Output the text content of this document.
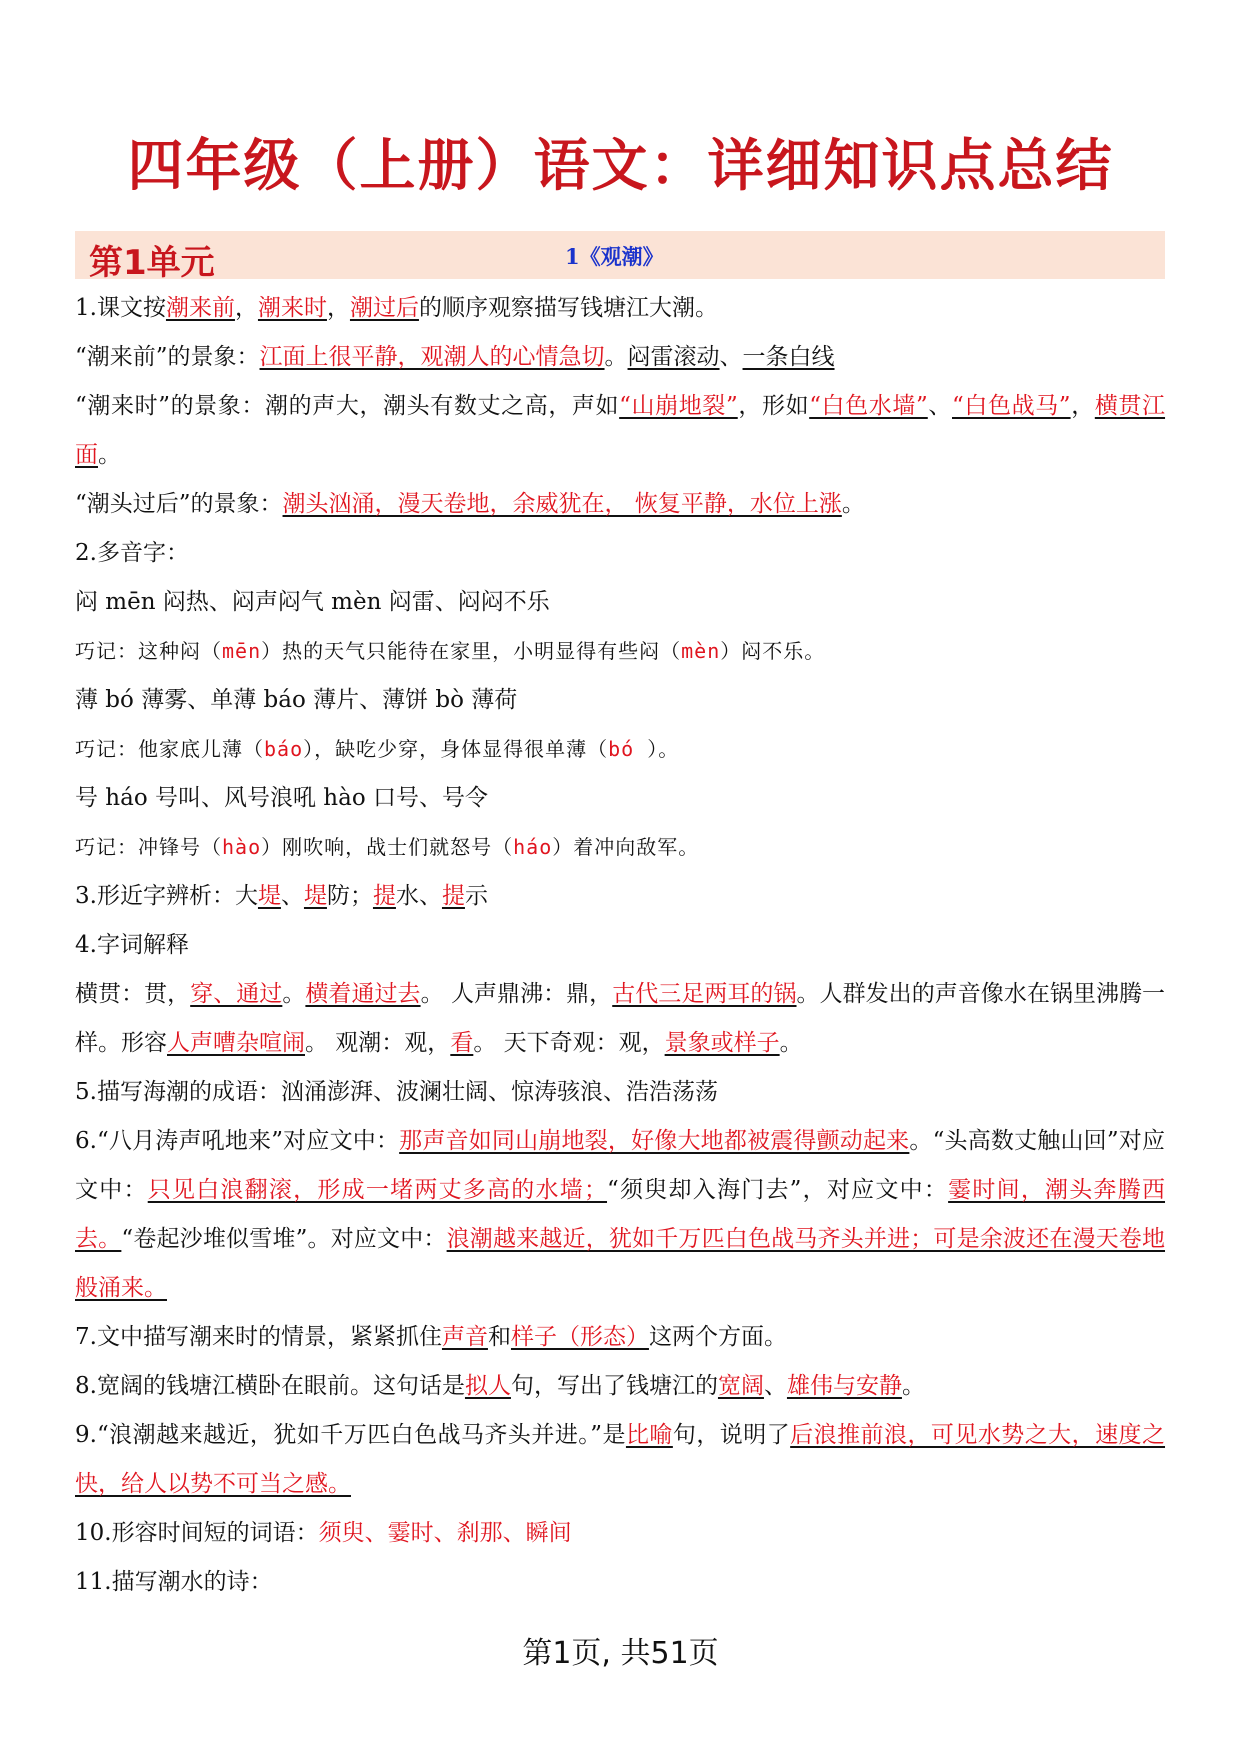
四年级（上册）语文：详细知识点总结
第1单元	1《观潮》

1.课文按潮来前，潮来时，潮过后的顺序观察描写钱塘江大潮。

“潮来前”的景象：江面上很平静，观潮人的心情急切。闷雷滚动、一条白线

“潮来时”的景象：潮的声大，潮头有数丈之高，声如“山崩地裂”，形如“白色水墙”、“白色战马”，横贯江面。

“潮头过后”的景象：潮头汹涌，漫天卷地，余威犹在， 恢复平静，水位上涨。

2.多音字：

闷 mēn 闷热、闷声闷气 mèn 闷雷、闷闷不乐

巧记：这种闷（mēn）热的天气只能待在家里，小明显得有些闷（mèn）闷不乐。

薄 bó 薄雾、单薄 báo 薄片、薄饼 bò 薄荷

巧记：他家底儿薄（báo），缺吃少穿，身体显得很单薄（bó ）。

号 háo 号叫、风号浪吼 hào 口号、号令

巧记：冲锋号（hào）刚吹响，战士们就怒号（háo）着冲向敌军。

3.形近字辨析：大堤、堤防；提水、提示

4.字词解释

横贯：贯，穿、通过。横着通过去。 人声鼎沸：鼎，古代三足两耳的锅。人群发出的声音像水在锅里沸腾一样。形容人声嘈杂喧闹。 观潮：观，看。 天下奇观：观，景象或样子。

5.描写海潮的成语：汹涌澎湃、波澜壮阔、惊涛骇浪、浩浩荡荡

6.“八月涛声吼地来”对应文中：那声音如同山崩地裂，好像大地都被震得颤动起来。“头高数丈触山回”对应文中：只见白浪翻滚，形成一堵两丈多高的水墙；“须臾却入海门去”，对应文中：霎时间，潮头奔腾西去。“卷起沙堆似雪堆”。对应文中：浪潮越来越近，犹如千万匹白色战马齐头并进；可是余波还在漫天卷地般涌来。

7.文中描写潮来时的情景，紧紧抓住声音和样子（形态）这两个方面。

8.宽阔的钱塘江横卧在眼前。这句话是拟人句，写出了钱塘江的宽阔、雄伟与安静。

9.“浪潮越来越近，犹如千万匹白色战马齐头并进。”是比喻句，说明了后浪推前浪，可见水势之大，速度之快，给人以势不可当之感。

10.形容时间短的词语：须臾、霎时、刹那、瞬间

11.描写潮水的诗：

第1页, 共51页
